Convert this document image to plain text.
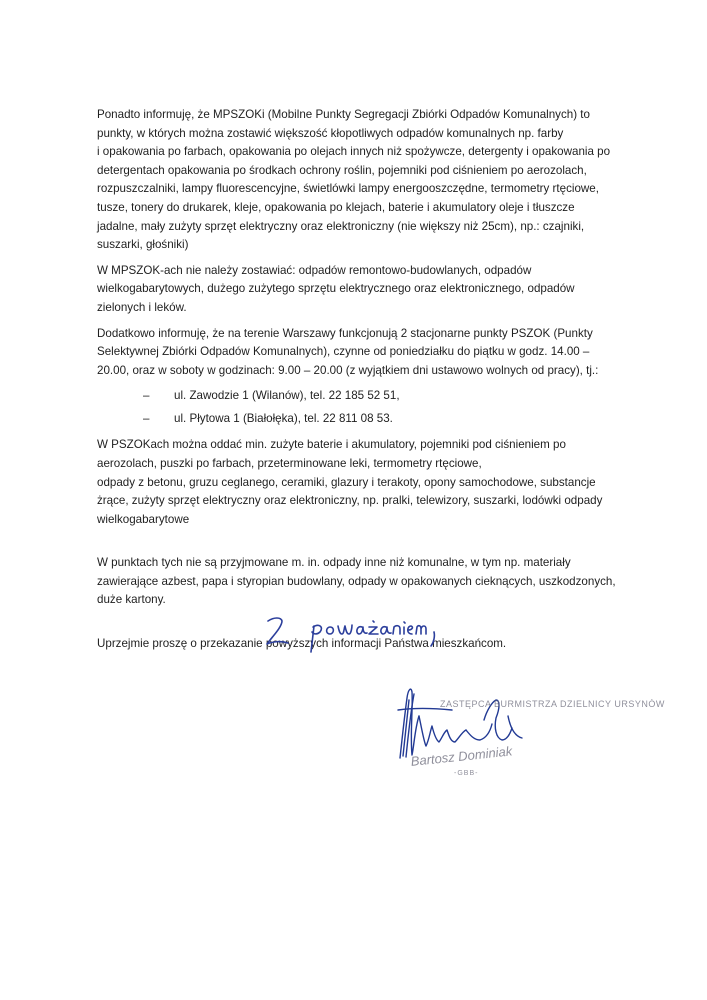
Ponadto informuję, że MPSZOKi (Mobilne Punkty Segregacji Zbiórki Odpadów Komunalnych) to
punkty, w których można zostawić większość kłopotliwych odpadów komunalnych np. farby
i opakowania po farbach, opakowania po olejach innych niż spożywcze, detergenty i opakowania po
detergentach opakowania po środkach ochrony roślin, pojemniki pod ciśnieniem po aerozolach,
rozpuszczalniki, lampy fluorescencyjne, świetlówki lampy energooszczędne, termometry rtęciowe,
tusze, tonery do drukarek, kleje, opakowania po klejach, baterie i akumulatory oleje i tłuszcze
jadalne, mały zużyty sprzęt elektryczny oraz elektroniczny (nie większy niż 25cm), np.: czajniki,
suszarki, głośniki)

W MPSZOK-ach nie należy zostawiać: odpadów remontowo-budowlanych, odpadów
wielkogabarytowych, dużego zużytego sprzętu elektrycznego oraz elektronicznego, odpadów
zielonych i leków.

Dodatkowo informuję, że na terenie Warszawy funkcjonują 2 stacjonarne punkty PSZOK (Punkty
Selektywnej Zbiórki Odpadów Komunalnych), czynne od poniedziałku do piątku w godz. 14.00 –
20.00, oraz w soboty w godzinach: 9.00 – 20.00 (z wyjątkiem dni ustawowo wolnych od pracy), tj.:

– ul. Zawodzie 1 (Wilanów), tel. 22 185 52 51,
– ul. Płytowa 1 (Białołęka), tel. 22 811 08 53.

W PSZOKach można oddać min. zużyte baterie i akumulatory, pojemniki pod ciśnieniem po
aerozolach, puszki po farbach, przeterminowane leki, termometry rtęciowe,
odpady z betonu, gruzu ceglanego, ceramiki, glazury i terakoty, opony samochodowe, substancje
żrące, zużyty sprzęt elektryczny oraz elektroniczny, np. pralki, telewizory, suszarki, lodówki odpady
wielkogabarytowe

W punktach tych nie są przyjmowane m. in. odpady inne niż komunalne, w tym np. materiały
zawierające azbest, papa i styropian budowlany, odpady w opakowanych cieknących, uszkodzonych,
duże kartony.

Uprzejmie proszę o przekazanie powyższych informacji Państwa mieszkańcom.

ZASTĘPCA BURMISTRZA DZIELNICY URSYNÓW
Bartosz Dominiak
-GBB-
